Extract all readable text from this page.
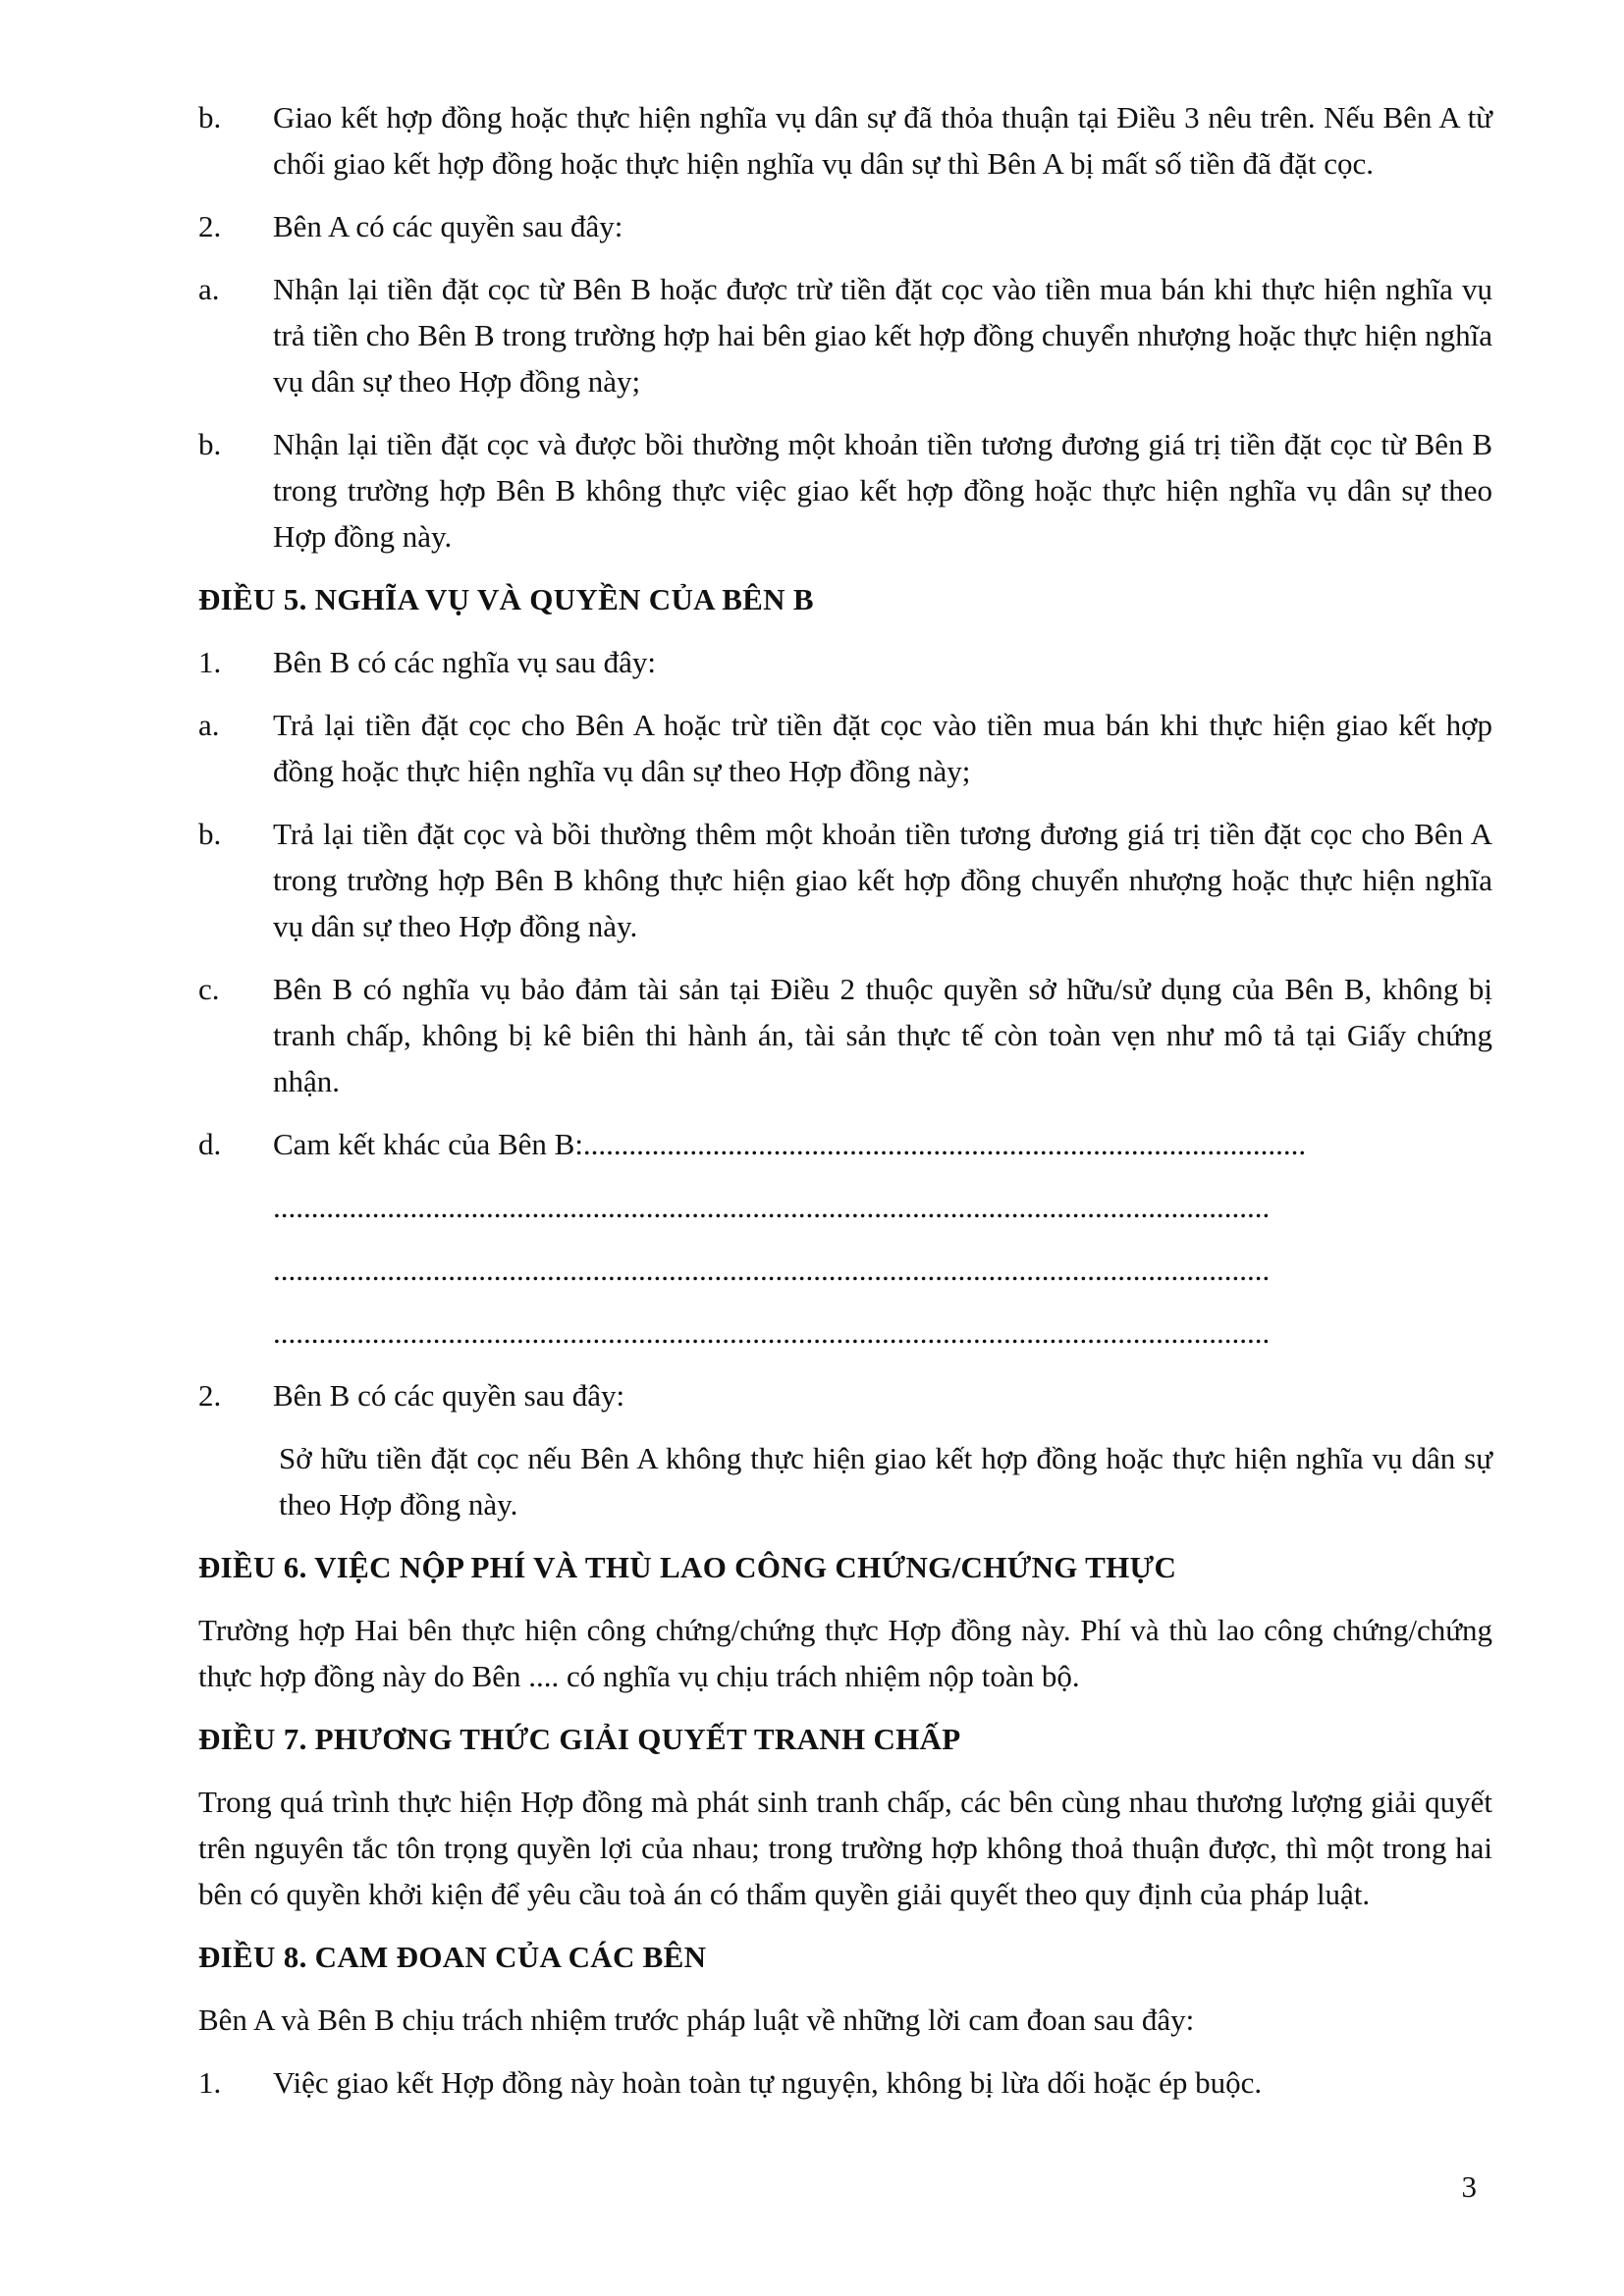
b.	Giao kết hợp đồng hoặc thực hiện nghĩa vụ dân sự đã thỏa thuận tại Điều 3 nêu trên. Nếu Bên A từ chối giao kết hợp đồng hoặc thực hiện nghĩa vụ dân sự thì Bên A bị mất số tiền đã đặt cọc.
2.	Bên A có các quyền sau đây:
a.	Nhận lại tiền đặt cọc từ Bên B hoặc được trừ tiền đặt cọc vào tiền mua bán khi thực hiện nghĩa vụ trả tiền cho Bên B trong trường hợp hai bên giao kết hợp đồng chuyển nhượng hoặc thực hiện nghĩa vụ dân sự theo Hợp đồng này;
b.	Nhận lại tiền đặt cọc và được bồi thường một khoản tiền tương đương giá trị tiền đặt cọc từ Bên B trong trường hợp Bên B không thực việc giao kết hợp đồng hoặc thực hiện nghĩa vụ dân sự theo Hợp đồng này.
ĐIỀU 5. NGHĨA VỤ VÀ QUYỀN CỦA BÊN B
1.	Bên B có các nghĩa vụ sau đây:
a.	Trả lại tiền đặt cọc cho Bên A hoặc trừ tiền đặt cọc vào tiền mua bán khi thực hiện giao kết hợp đồng hoặc thực hiện nghĩa vụ dân sự theo Hợp đồng này;
b.	Trả lại tiền đặt cọc và bồi thường thêm một khoản tiền tương đương giá trị tiền đặt cọc cho Bên A trong trường hợp Bên B không thực hiện giao kết hợp đồng chuyển nhượng hoặc thực hiện nghĩa vụ dân sự theo Hợp đồng này.
c.	Bên B có nghĩa vụ bảo đảm tài sản tại Điều 2 thuộc quyền sở hữu/sử dụng của Bên B, không bị tranh chấp, không bị kê biên thi hành án, tài sản thực tế còn toàn vẹn như mô tả tại Giấy chứng nhận.
d.	Cam kết khác của Bên B:...............................................................................................
...................................................................................................................................
...................................................................................................................................
...................................................................................................................................
2.	Bên B có các quyền sau đây:
Sở hữu tiền đặt cọc nếu Bên A không thực hiện giao kết hợp đồng hoặc thực hiện nghĩa vụ dân sự theo Hợp đồng này.
ĐIỀU 6. VIỆC NỘP PHÍ VÀ THÙ LAO CÔNG CHỨNG/CHỨNG THỰC
Trường hợp Hai bên thực hiện công chứng/chứng thực Hợp đồng này. Phí và thù lao công chứng/chứng thực hợp đồng này do Bên .... có nghĩa vụ chịu trách nhiệm nộp toàn bộ.
ĐIỀU 7. PHƯƠNG THỨC GIẢI QUYẾT TRANH CHẤP
Trong quá trình thực hiện Hợp đồng mà phát sinh tranh chấp, các bên cùng nhau thương lượng giải quyết trên nguyên tắc tôn trọng quyền lợi của nhau; trong trường hợp không thoả thuận được, thì một trong hai bên có quyền khởi kiện để yêu cầu toà án có thẩm quyền giải quyết theo quy định của pháp luật.
ĐIỀU 8. CAM ĐOAN CỦA CÁC BÊN
Bên A và Bên B chịu trách nhiệm trước pháp luật về những lời cam đoan sau đây:
1.	Việc giao kết Hợp đồng này hoàn toàn tự nguyện, không bị lừa dối hoặc ép buộc.
3
